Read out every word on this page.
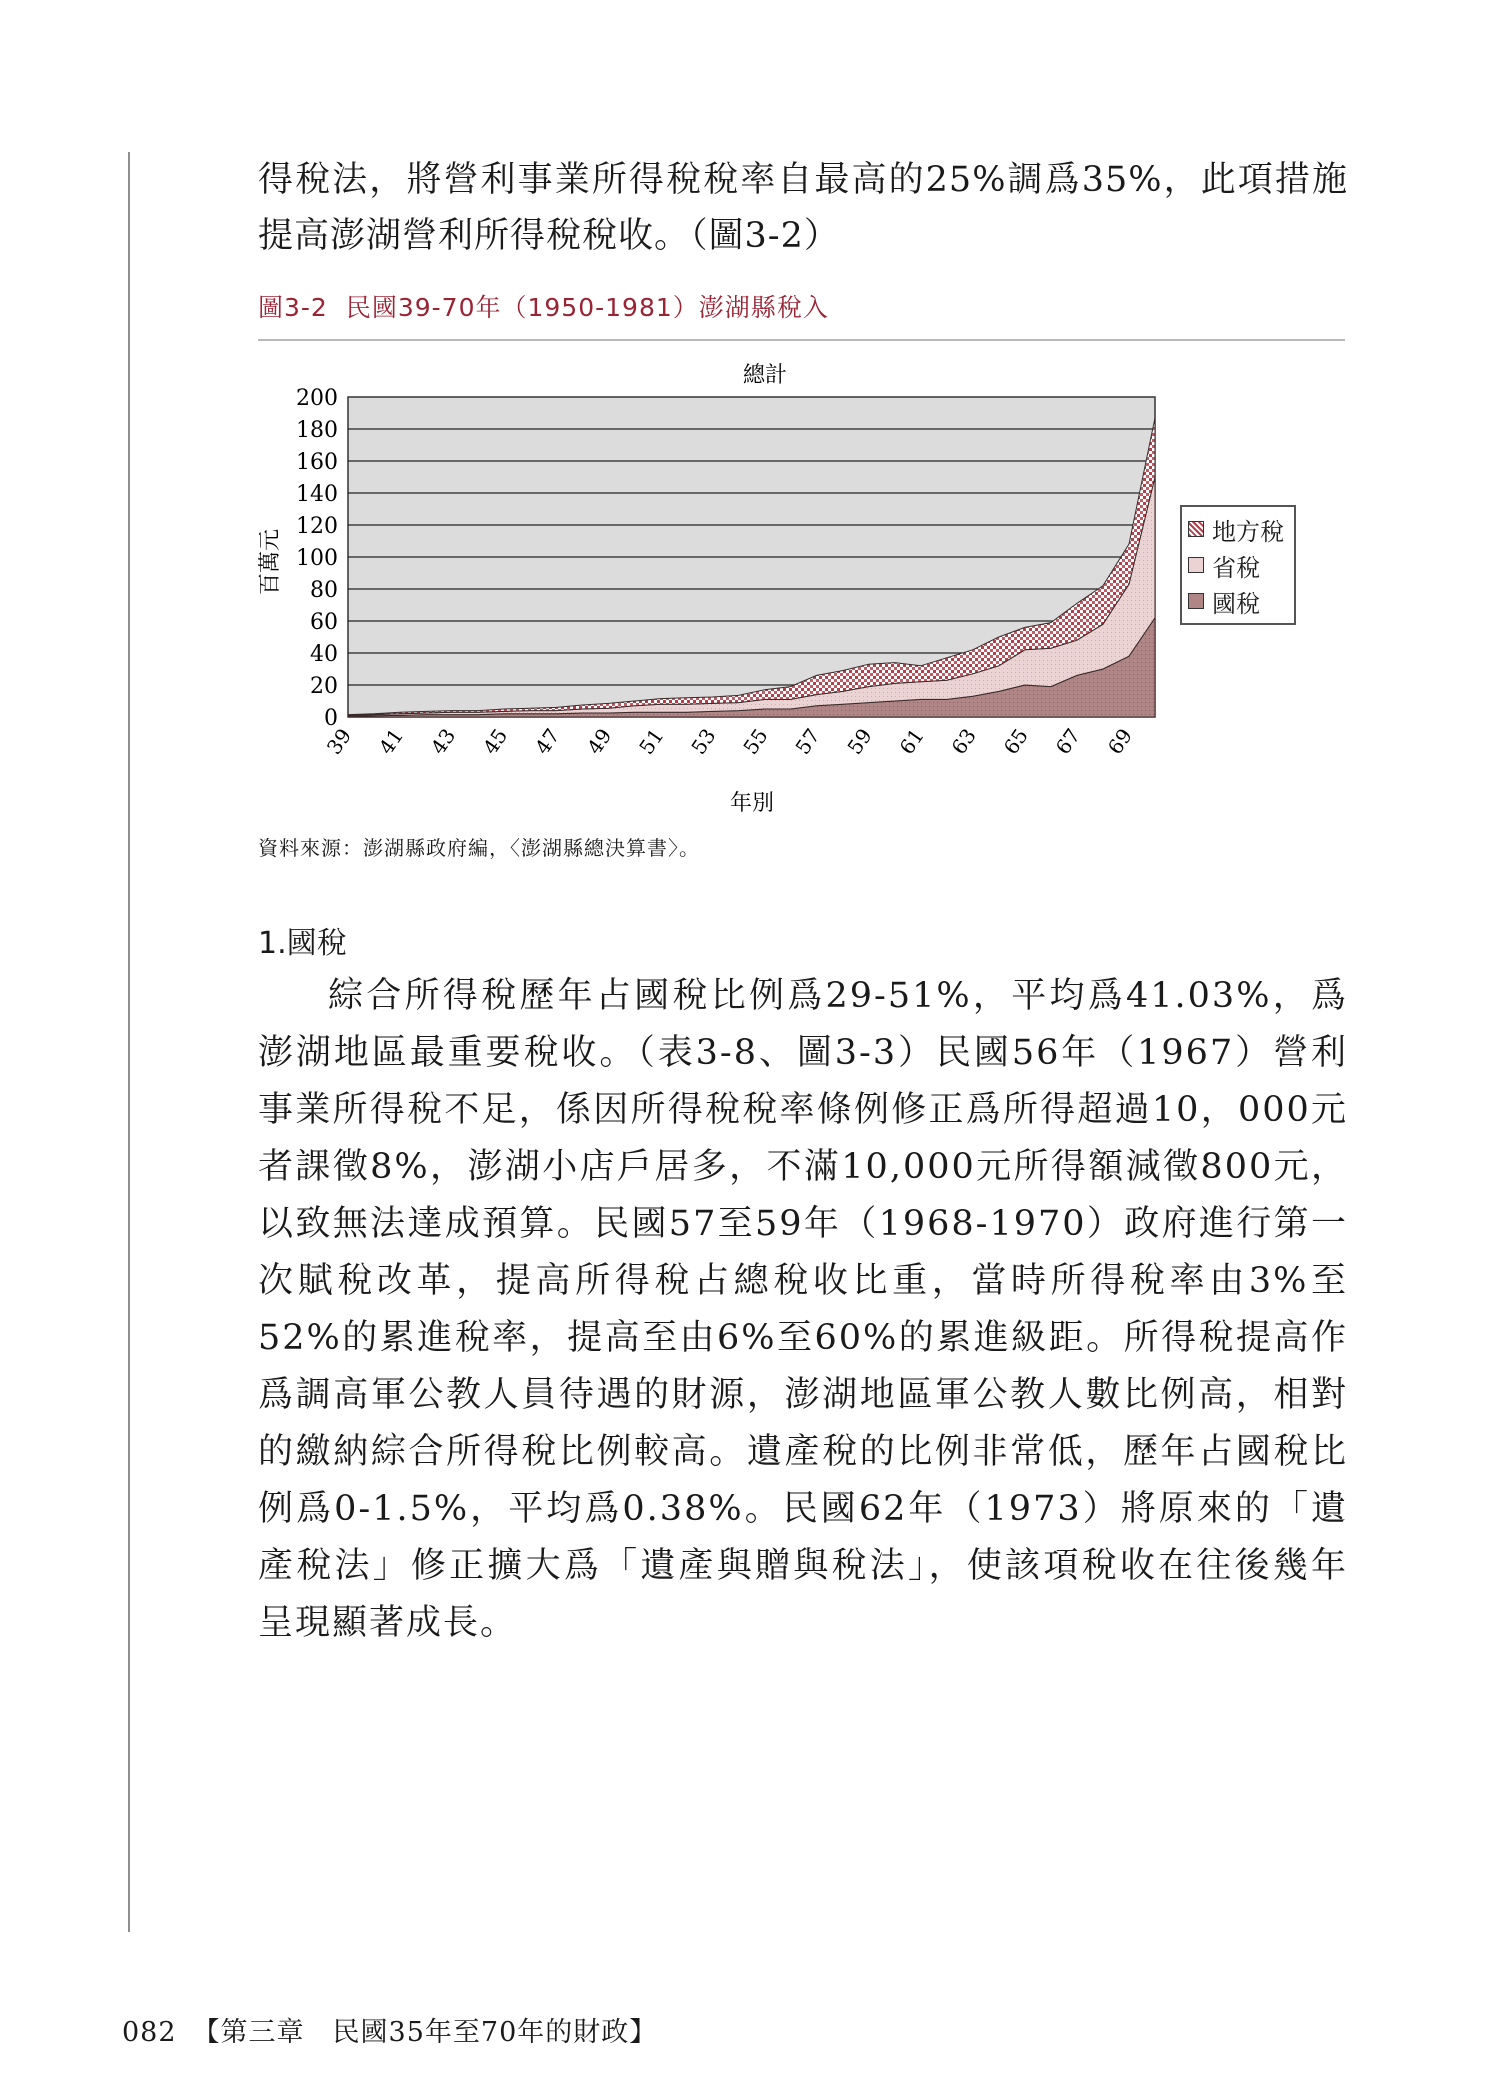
得稅法，將營利事業所得稅稅率自最高的25%調爲35%，此項措施提高澎湖營利所得稅稅收。（圖3-2）

圖3-2 民國39-70年（1950-1981）澎湖縣稅入
0
20
40
60
80
100
120
140
160
180
200
39 41 43 45 47 49 51 53 55 57 59 61 63 65 67 69
總計
百萬元
年別
地方稅
省稅
國稅
資料來源：澎湖縣政府編，〈澎湖縣總決算書〉。
1.國稅

綜合所得稅歷年占國稅比例爲29-51%，平均爲41.03%，爲澎湖地區最重要稅收。（表3-8、圖3-3）民國56年（1967）營利事業所得稅不足，係因所得稅稅率條例修正爲所得超過10，000元者課徵8%，澎湖小店戶居多，不滿10,000元所得額減徵800元，以致無法達成預算。民國57至59年（1968-1970）政府進行第一次賦稅改革，提高所得稅占總稅收比重，當時所得稅率由3%至52%的累進稅率，提高至由6%至60%的累進級距。所得稅提高作爲調高軍公教人員待遇的財源，澎湖地區軍公教人數比例高，相對的繳納綜合所得稅比例較高。遺產稅的比例非常低，歷年占國稅比例爲0-1.5%，平均爲0.38%。民國62年（1973）將原來的「遺產稅法」修正擴大爲「遺產與贈與稅法」，使該項稅收在往後幾年呈現顯著成長。

082 【第三章　民國35年至70年的財政】
